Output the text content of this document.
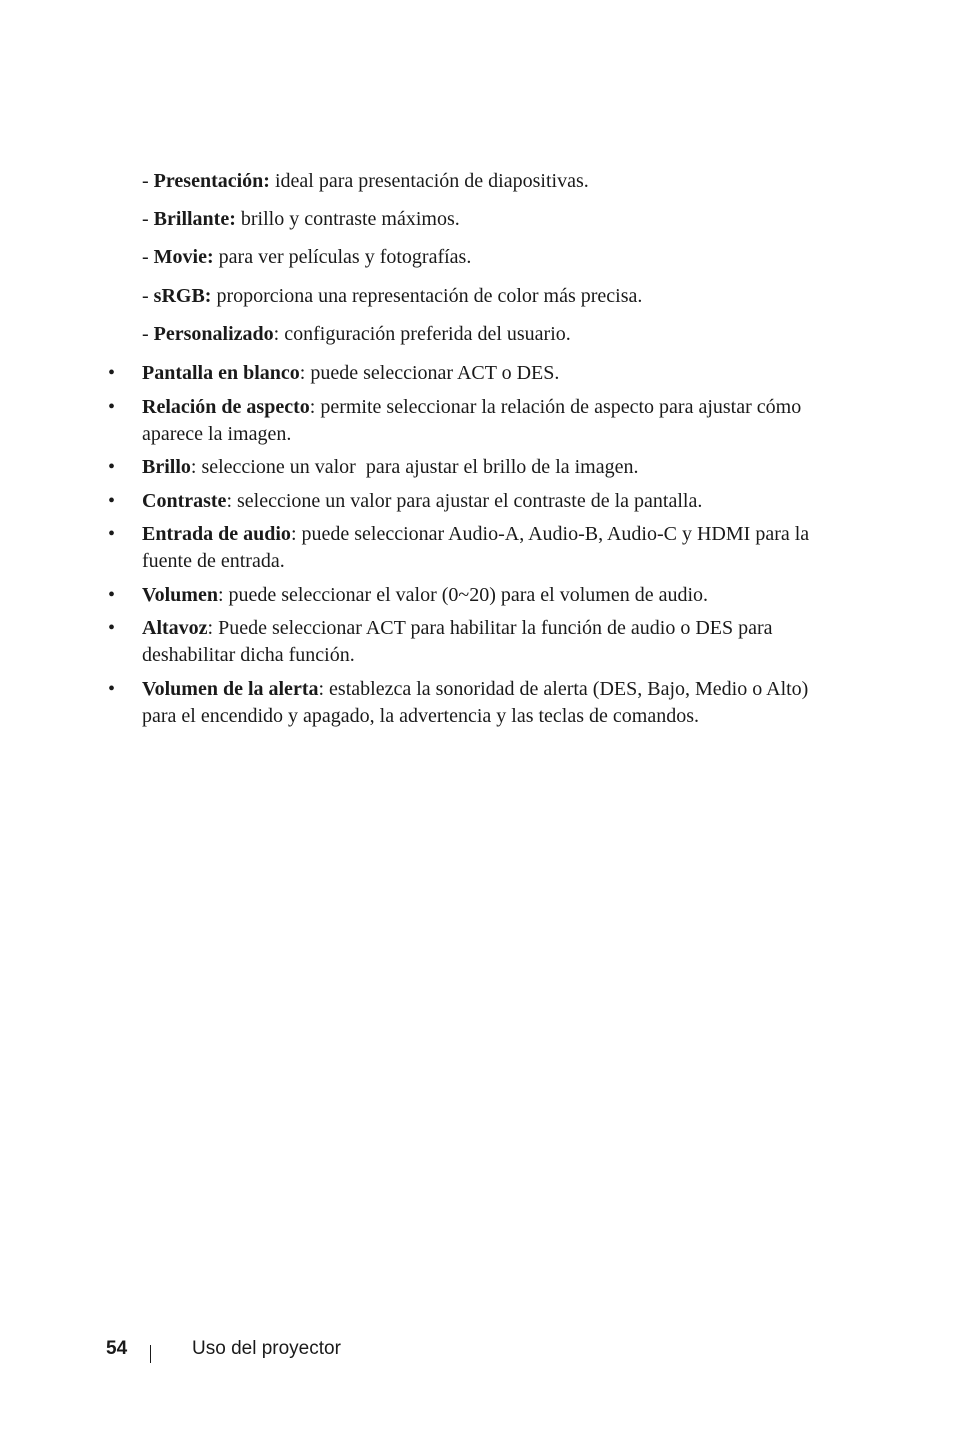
- Presentación: ideal para presentación de diapositivas.
- Brillante: brillo y contraste máximos.
- Movie: para ver películas y fotografías.
- sRGB: proporciona una representación de color más precisa.
- Personalizado: configuración preferida del usuario.
•	Pantalla en blanco: puede seleccionar ACT o DES.
•	Relación de aspecto: permite seleccionar la relación de aspecto para ajustar cómo aparece la imagen.
•	Brillo: seleccione un valor  para ajustar el brillo de la imagen.
•	Contraste: seleccione un valor para ajustar el contraste de la pantalla.
•	Entrada de audio: puede seleccionar Audio-A, Audio-B, Audio-C y HDMI para la fuente de entrada.
•	Volumen: puede seleccionar el valor (0~20) para el volumen de audio.
•	Altavoz: Puede seleccionar ACT para habilitar la función de audio o DES para deshabilitar dicha función.
•	Volumen de la alerta: establezca la sonoridad de alerta (DES, Bajo, Medio o Alto) para el encendido y apagado, la advertencia y las teclas de comandos.
54	Uso del proyector
